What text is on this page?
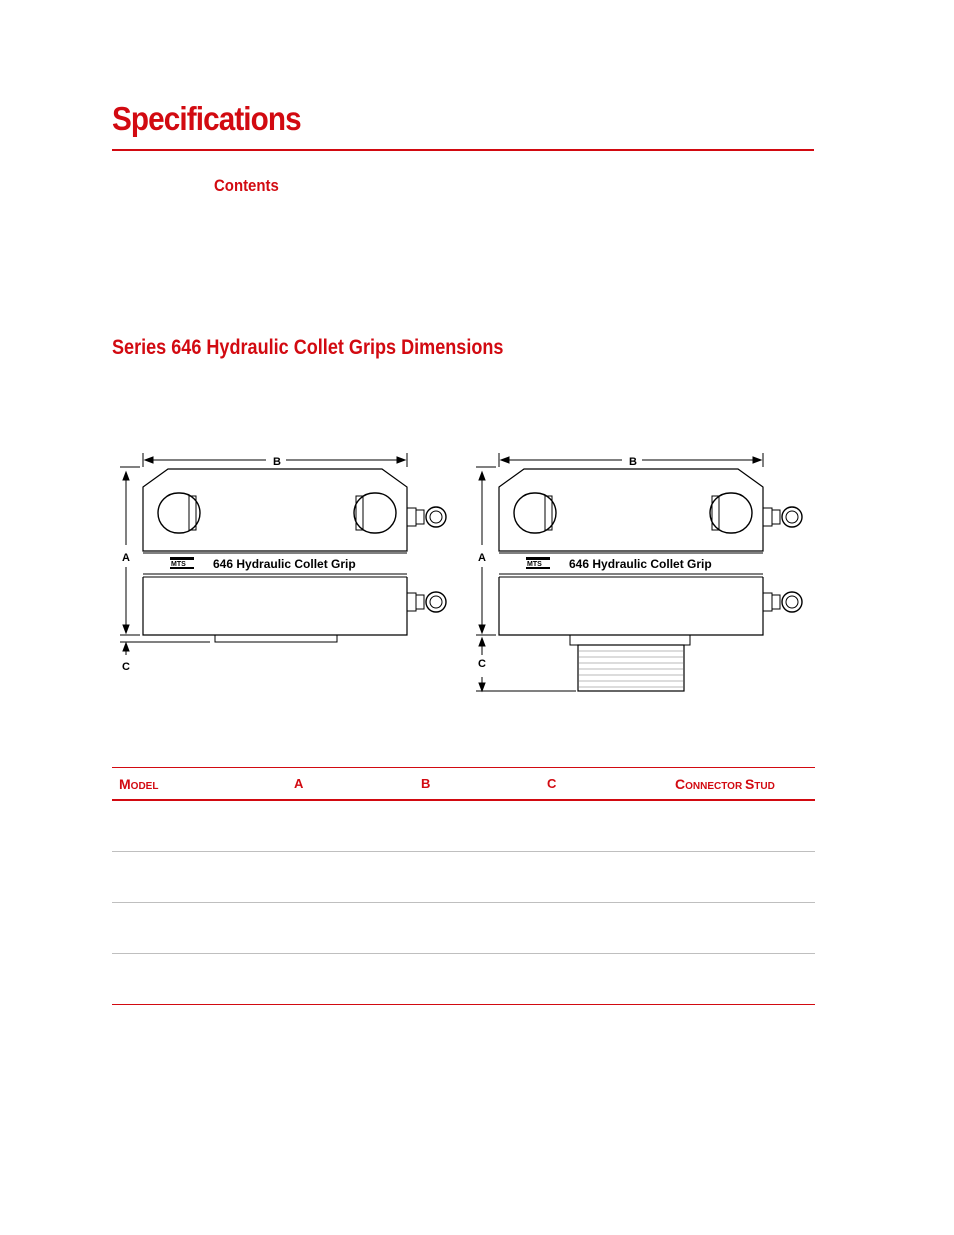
Specifications
Contents
Series 646 Hydraulic Collet Grips Dimensions
MTS 646 Hydraulic Collet Grip
B
A
C
MTS 646 Hydraulic Collet Grip
B
A
C
MODEL	A	B	C	CONNECTOR STUD
